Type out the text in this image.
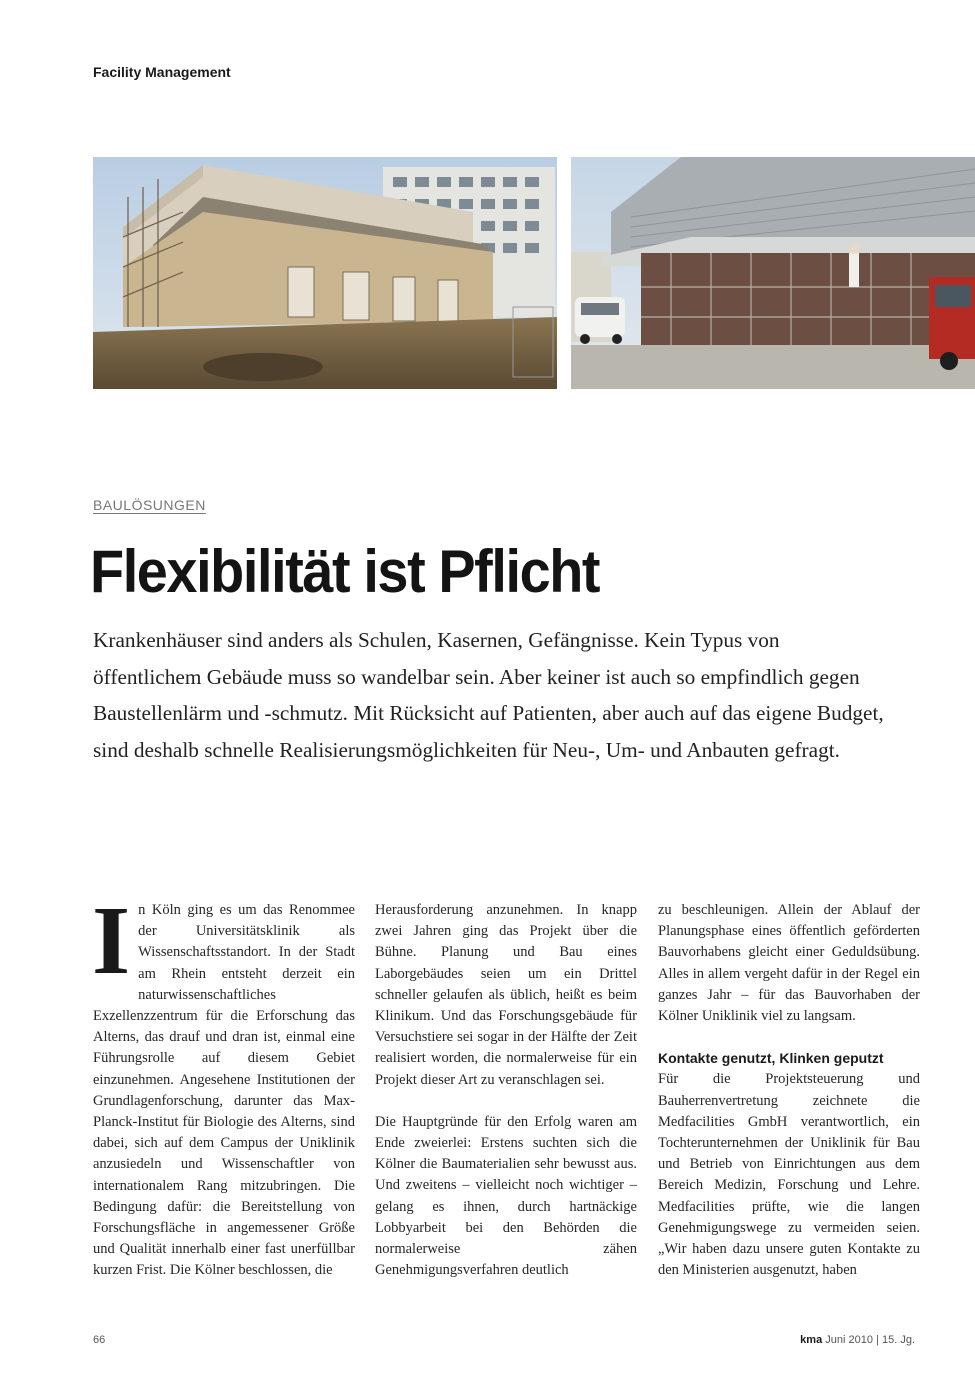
Facility Management
BAULÖSUNGEN
Flexibilität ist Pflicht

Krankenhäuser sind anders als Schulen, Kasernen, Gefängnisse. Kein Typus von öffentlichem Gebäude muss so wandelbar sein. Aber keiner ist auch so empfindlich gegen Baustellenlärm und -schmutz. Mit Rücksicht auf Patienten, aber auch auf das eigene Budget, sind deshalb schnelle Realisierungsmöglichkeiten für Neu-, Um- und Anbauten gefragt.

I n Köln ging es um das Renommee der Universitätsklinik als Wissenschaftsstandort. In der Stadt am Rhein entsteht derzeit ein naturwissenschaftliches Exzellenzzentrum für die Erforschung das Alterns, das drauf und dran ist, einmal eine Führungsrolle auf diesem Gebiet einzunehmen. Angesehene Institutionen der Grundlagenforschung, darunter das Max-Planck-Institut für Biologie des Alterns, sind dabei, sich auf dem Campus der Uniklinik anzusiedeln und Wissenschaftler von internationalem Rang mitzubringen. Die Bedingung dafür: die Bereitstellung von Forschungsfläche in angemessener Größe und Qualität innerhalb einer fast unerfüllbar kurzen Frist. Die Kölner beschlossen, die

Herausforderung anzunehmen. In knapp zwei Jahren ging das Projekt über die Bühne. Planung und Bau eines Laborgebäudes seien um ein Drittel schneller gelaufen als üblich, heißt es beim Klinikum. Und das Forschungsgebäude für Versuchstiere sei sogar in der Hälfte der Zeit realisiert worden, die normalerweise für ein Projekt dieser Art zu veranschlagen sei.

Die Hauptgründe für den Erfolg waren am Ende zweierlei: Erstens suchten sich die Kölner die Baumaterialien sehr bewusst aus. Und zweitens – vielleicht noch wichtiger – gelang es ihnen, durch hartnäckige Lobbyarbeit bei den Behörden die normalerweise zähen Genehmigungsverfahren deutlich

zu beschleunigen. Allein der Ablauf der Planungsphase eines öffentlich geförderten Bauvorhabens gleicht einer Geduldsübung. Alles in allem vergeht dafür in der Regel ein ganzes Jahr – für das Bauvorhaben der Kölner Uniklinik viel zu langsam.

Kontakte genutzt, Klinken geputzt

Für die Projektsteuerung und Bauherrenvertretung zeichnete die Medfacilities GmbH verantwortlich, ein Tochterunternehmen der Uniklinik für Bau und Betrieb von Einrichtungen aus dem Bereich Medizin, Forschung und Lehre. Medfacilities prüfte, wie die langen Genehmigungswege zu vermeiden seien. „Wir haben dazu unsere guten Kontakte zu den Ministerien ausgenutzt, haben

66	kma Juni 2010 | 15. Jg.
